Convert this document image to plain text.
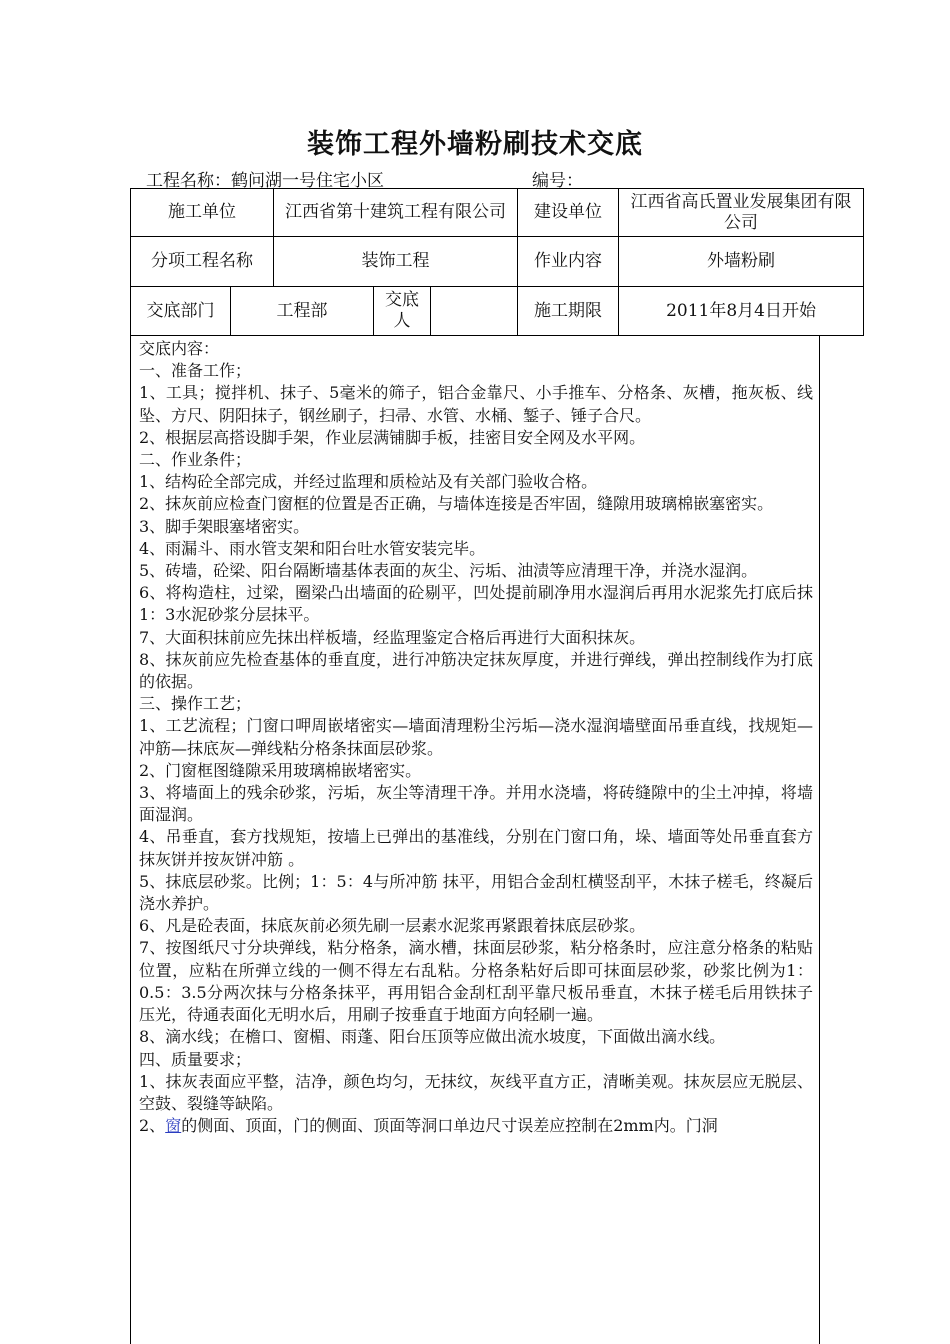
装饰工程外墙粉刷技术交底
工程名称：鹤问湖一号住宅小区	编号：
施工单位		江西省第十建筑工程有限公司			建设单位	江西省高氏置业发展集团有限公司
分项工程名称		装饰工程			作业内容	外墙粉刷
交底部门	工程部		交底人		施工期限	2011年8月4日开始

交底内容：

一、准备工作；

1、工具；搅拌机、抹子、5毫米的筛子，铝合金靠尺、小手推车、分格条、灰槽，拖灰板、线坠、方尺、阴阳抹子，钢丝刷子，扫帚、水管、水桶、錾子、锤子合尺。

2、根据层高搭设脚手架，作业层满铺脚手板，挂密目安全网及水平网。

二、作业条件；

1、结构砼全部完成，并经过监理和质检站及有关部门验收合格。

2、抹灰前应检查门窗框的位置是否正确，与墙体连接是否牢固，缝隙用玻璃棉嵌塞密实。

3、脚手架眼塞堵密实。

4、雨漏斗、雨水管支架和阳台吐水管安装完毕。

5、砖墙，砼梁、阳台隔断墙基体表面的灰尘、污垢、油渍等应清理干净，并浇水湿润。

6、将构造柱，过梁，圈梁凸出墙面的砼剔平，凹处提前刷净用水湿润后再用水泥浆先打底后抹1：3水泥砂浆分层抹平。

7、大面积抹前应先抹出样板墙，经监理鉴定合格后再进行大面积抹灰。

8、抹灰前应先检查基体的垂直度，进行冲筋决定抹灰厚度，并进行弹线，弹出控制线作为打底的依据。

三、操作工艺；

1、工艺流程；门窗口呷周嵌堵密实—墙面清理粉尘污垢—浇水湿润墙壁面吊垂直线，找规矩—冲筋—抹底灰—弹线粘分格条抹面层砂浆。

2、门窗框图缝隙采用玻璃棉嵌堵密实。

3、将墙面上的残余砂浆，污垢，灰尘等清理干净。并用水浇墙，将砖缝隙中的尘土冲掉，将墙面湿润。

4、吊垂直，套方找规矩，按墙上已弹出的基准线，分别在门窗口角，垛、墙面等处吊垂直套方抹灰饼并按灰饼冲筋 。

5、抹底层砂浆。比例；1：5：4与所冲筋 抹平，用铝合金刮杠横竖刮平，木抹子槎毛，终凝后浇水养护。

6、凡是砼表面，抹底灰前必须先刷一层素水泥浆再紧跟着抹底层砂浆。

7、按图纸尺寸分块弹线，粘分格条，滴水槽，抹面层砂浆，粘分格条时，应注意分格条的粘贴位置，应粘在所弹立线的一侧不得左右乱粘。分格条粘好后即可抹面层砂浆，砂浆比例为1：0.5：3.5分两次抹与分格条抹平，再用铝合金刮杠刮平靠尺板吊垂直，木抹子槎毛后用铁抹子压光，待通表面化无明水后，用刷子按垂直于地面方向轻刷一遍。

8、滴水线；在檐口、窗楣、雨蓬、阳台压顶等应做出流水坡度，下面做出滴水线。

四、质量要求；

1、抹灰表面应平整，洁净，颜色均匀，无抹纹，灰线平直方正，清晰美观。抹灰层应无脱层、空鼓、裂缝等缺陷。

2、窗的侧面、顶面，门的侧面、顶面等洞口单边尺寸误差应控制在2mm内。门洞
